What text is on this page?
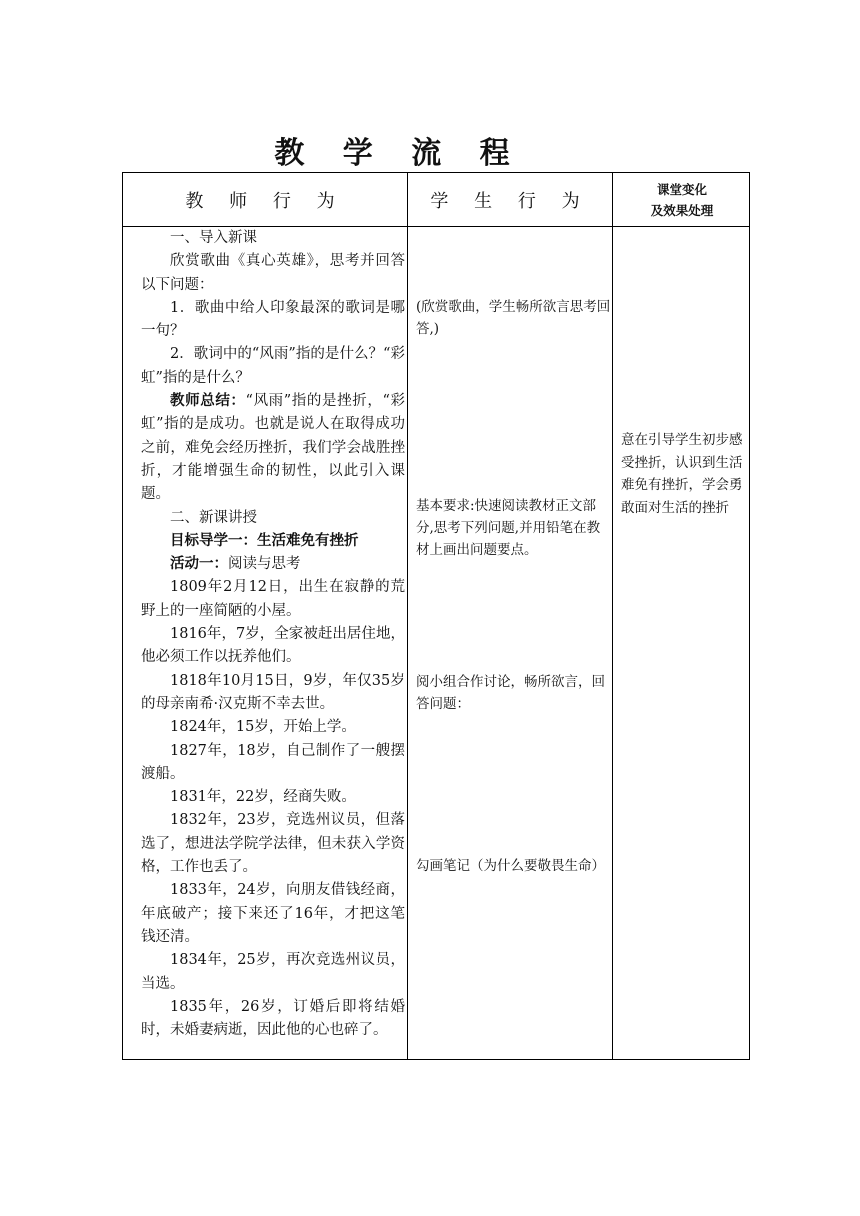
教 学 流 程
教 师 行 为	学 生 行 为
课堂变化
及效果处理

一、导入新课

欣赏歌曲《真心英雄》，思考并回答以下问题：

1．歌曲中给人印象最深的歌词是哪一句？

2．歌词中的“风雨”指的是什么？“彩虹”指的是什么？

教师总结：“风雨”指的是挫折，“彩虹”指的是成功。也就是说人在取得成功之前，难免会经历挫折，我们学会战胜挫折，才能增强生命的韧性，以此引入课题。

二、新课讲授

目标导学一：生活难免有挫折

活动一：阅读与思考

1809年2月12日，出生在寂静的荒野上的一座简陋的小屋。

1816年，7岁，全家被赶出居住地，他必须工作以抚养他们。

1818年10月15日，9岁，年仅35岁的母亲南希·汉克斯不幸去世。

1824年，15岁，开始上学。

1827年，18岁，自己制作了一艘摆渡船。

1831年，22岁，经商失败。

1832年，23岁，竞选州议员，但落选了，想进法学院学法律，但未获入学资格，工作也丢了。

1833年，24岁，向朋友借钱经商，年底破产；接下来还了16年，才把这笔钱还清。

1834年，25岁，再次竞选州议员，当选。

1835年，26岁，订婚后即将结婚时，未婚妻病逝，因此他的心也碎了。

(欣赏歌曲，学生畅所欲言思考回答,)
基本要求:快速阅读教材正文部分,思考下列问题,并用铅笔在教材上画出问题要点。
阅小组合作讨论，畅所欲言，回答问题：
勾画笔记（为什么要敬畏生命）
意在引导学生初步感受挫折，认识到生活难免有挫折，学会勇敢面对生活的挫折
